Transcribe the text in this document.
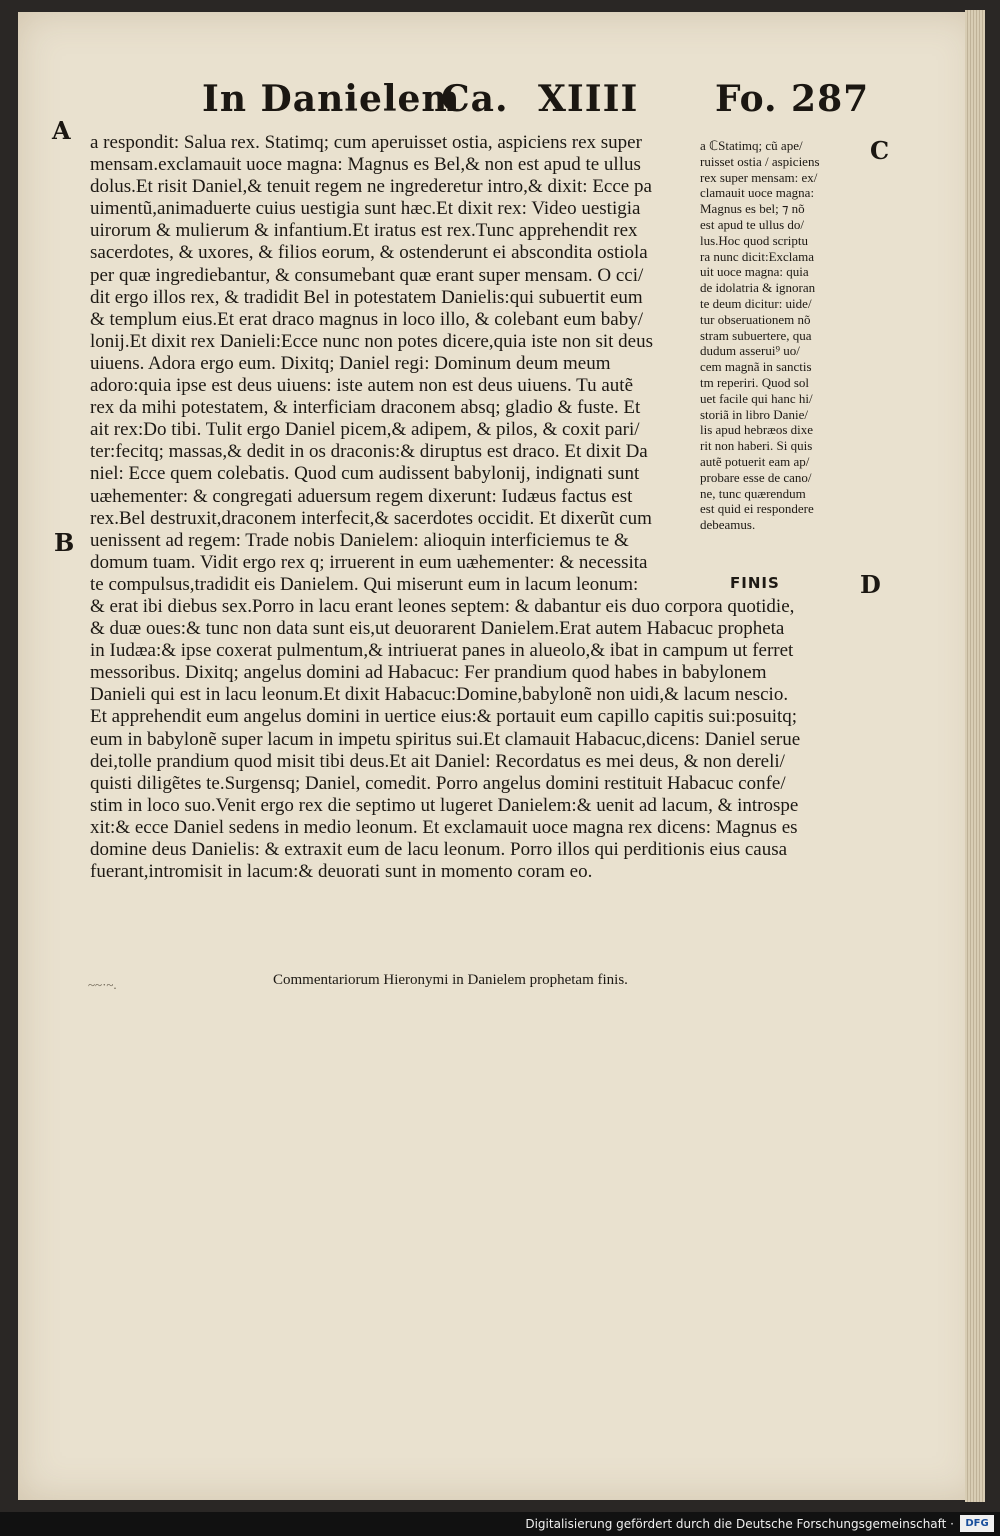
In Danielem
Ca. XIIII Fo. 287
A
B
C
D
a respondit: Salua rex. Statimq; cum aperuisset ostia, aspiciens rex super
mensam.exclamauit uoce magna: Magnus es Bel,& non est apud te ullus
dolus.Et risit Daniel,& tenuit regem ne ingrederetur intro,& dixit: Ecce pa
uimentũ,animaduerte cuius uestigia sunt hæc.Et dixit rex: Video uestigia
uirorum & mulierum & infantium.Et iratus est rex.Tunc apprehendit rex
sacerdotes, & uxores, & filios eorum, & ostenderunt ei abscondita ostiola
per quæ ingrediebantur, & consumebant quæ erant super mensam. O cci/
dit ergo illos rex, & tradidit Bel in potestatem Danielis:qui subuertit eum
& templum eius.Et erat draco magnus in loco illo, & colebant eum baby/
lonij.Et dixit rex Danieli:Ecce nunc non potes dicere,quia iste non sit deus
uiuens. Adora ergo eum. Dixitq; Daniel regi: Dominum deum meum
adoro:quia ipse est deus uiuens: iste autem non est deus uiuens. Tu autẽ
rex da mihi potestatem, & interficiam draconem absq; gladio & fuste. Et
ait rex:Do tibi. Tulit ergo Daniel picem,& adipem, & pilos, & coxit pari/
ter:fecitq; massas,& dedit in os draconis:& diruptus est draco. Et dixit Da
niel: Ecce quem colebatis. Quod cum audissent babylonij, indignati sunt
uæhementer: & congregati aduersum regem dixerunt: Iudæus factus est
rex.Bel destruxit,draconem interfecit,& sacerdotes occidit. Et dixerũt cum
uenissent ad regem: Trade nobis Danielem: alioquin interficiemus te &
domum tuam. Vidit ergo rex q; irruerent in eum uæhementer: & necessita
te compulsus,tradidit eis Danielem. Qui miserunt eum in lacum leonum:
& erat ibi diebus sex.Porro in lacu erant leones septem: & dabantur eis duo corpora quotidie,
& duæ oues:& tunc non data sunt eis,ut deuorarent Danielem.Erat autem Habacuc propheta
in Iudæa:& ipse coxerat pulmentum,& intriuerat panes in alueolo,& ibat in campum ut ferret
messoribus. Dixitq; angelus domini ad Habacuc: Fer prandium quod habes in babylonem
Danieli qui est in lacu leonum.Et dixit Habacuc:Domine,babylonẽ non uidi,& lacum nescio.
Et apprehendit eum angelus domini in uertice eius:& portauit eum capillo capitis sui:posuitq;
eum in babylonẽ super lacum in impetu spiritus sui.Et clamauit Habacuc,dicens: Daniel serue
dei,tolle prandium quod misit tibi deus.Et ait Daniel: Recordatus es mei deus, & non dereli/
quisti diligẽtes te.Surgensq; Daniel, comedit. Porro angelus domini restituit Habacuc confe/
stim in loco suo.Venit ergo rex die septimo ut lugeret Danielem:& uenit ad lacum, & introspe
xit:& ecce Daniel sedens in medio leonum. Et exclamauit uoce magna rex dicens: Magnus es
domine deus Danielis: & extraxit eum de lacu leonum. Porro illos qui perditionis eius causa
fuerant,intromisit in lacum:& deuorati sunt in momento coram eo.
a ℂStatimq; cũ ape/
ruisset ostia / aspiciens
rex super mensam: ex/
clamauit uoce magna:
Magnus es bel; ⁊ nõ
est apud te ullus do/
lus.Hoc quod scriptu
ra nunc dicit:Exclama
uit uoce magna: quia
de idolatria & ignoran
te deum dicitur: uide/
tur obseruationem nõ
stram subuertere, qua
dudum asserui⁹ uo/
cem magnã in sanctis
tm reperiri. Quod sol
uet facile qui hanc hi/
storiã in libro Danie/
lis apud hebræos dixe
rit non haberi. Si quis
autẽ potuerit eam ap/
probare esse de cano/
ne, tunc quærendum
est quid ei respondere
debeamus.
FINIS
~~·~.	Commentariorum Hieronymi in Danielem prophetam finis.
Digitalisierung gefördert durch die Deutsche Forschungsgemeinschaft ·	DFG
